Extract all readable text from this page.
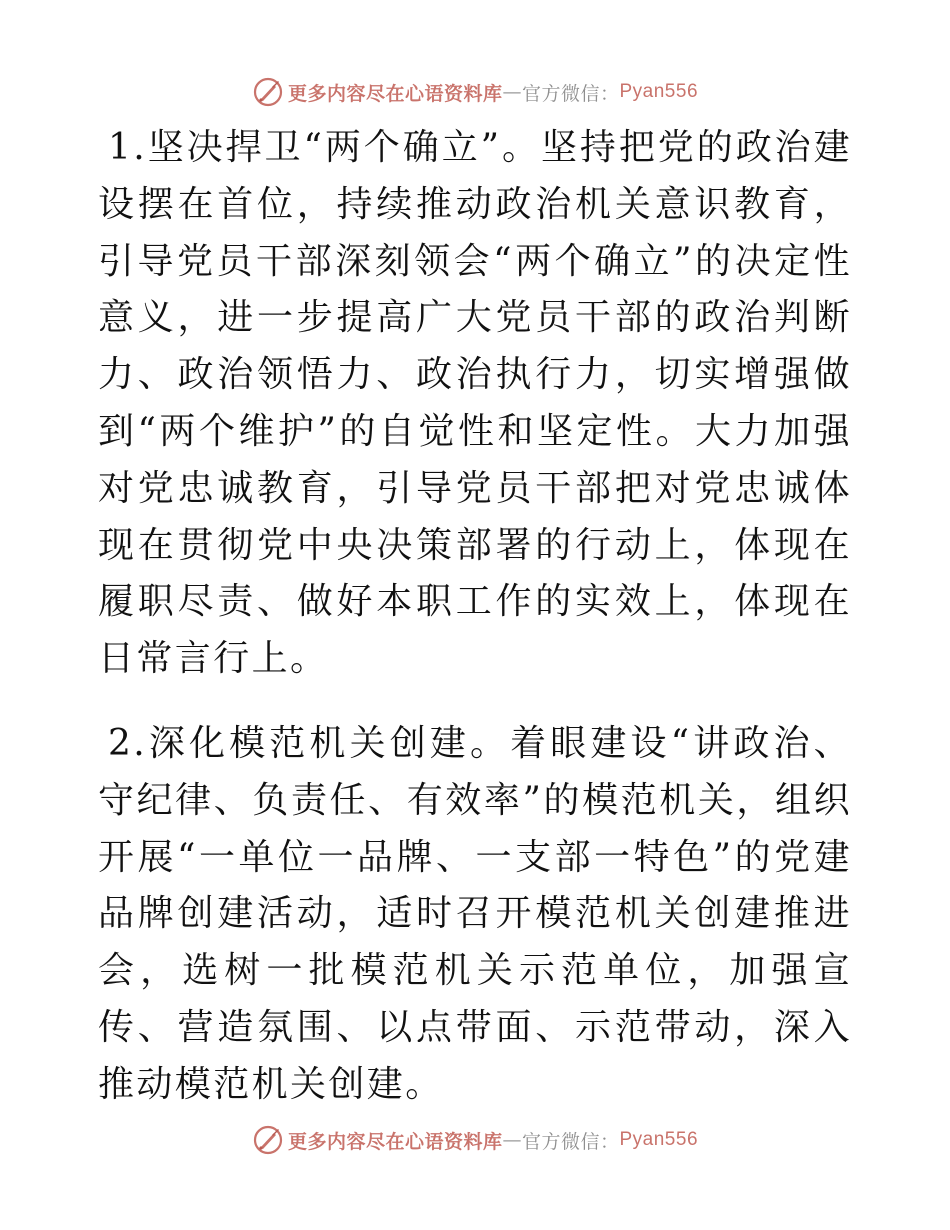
更多内容尽在心语资料库 — 官方微信： Pyan556

1.坚决捍卫“两个确立”。坚持把党的政治建设摆在首位，持续推动政治机关意识教育，引导党员干部深刻领会“两个确立”的决定性意义，进一步提高广大党员干部的政治判断力、政治领悟力、政治执行力，切实增强做到“两个维护”的自觉性和坚定性。大力加强对党忠诚教育，引导党员干部把对党忠诚体现在贯彻党中央决策部署的行动上，体现在履职尽责、做好本职工作的实效上，体现在日常言行上。

2.深化模范机关创建。着眼建设“讲政治、守纪律、负责任、有效率”的模范机关，组织开展“一单位一品牌、一支部一特色”的党建品牌创建活动，适时召开模范机关创建推进会，选树一批模范机关示范单位，加强宣传、营造氛围、以点带面、示范带动，深入推动模范机关创建。

更多内容尽在心语资料库 — 官方微信： Pyan556
